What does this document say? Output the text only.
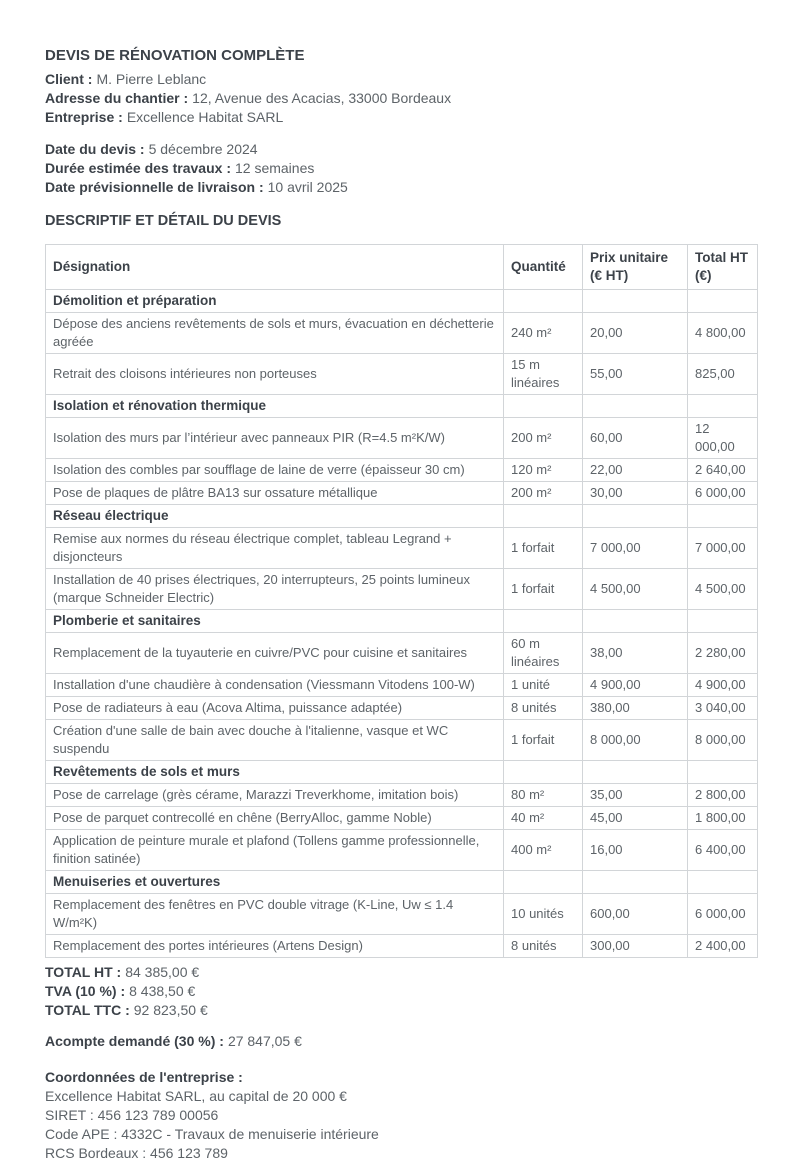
DEVIS DE RÉNOVATION COMPLÈTE
Client : M. Pierre Leblanc
Adresse du chantier : 12, Avenue des Acacias, 33000 Bordeaux
Entreprise : Excellence Habitat SARL
Date du devis : 5 décembre 2024
Durée estimée des travaux : 12 semaines
Date prévisionnelle de livraison : 10 avril 2025
DESCRIPTIF ET DÉTAIL DU DEVIS
Désignation	Quantité	Prix unitaire (€ HT)	Total HT (€)
Démolition et préparation			
Dépose des anciens revêtements de sols et murs, évacuation en déchetterie agréée	240 m²	20,00	4 800,00
Retrait des cloisons intérieures non porteuses	15 m linéaires	55,00	825,00
Isolation et rénovation thermique			
Isolation des murs par l’intérieur avec panneaux PIR (R=4.5 m²K/W)	200 m²	60,00	12 000,00
Isolation des combles par soufflage de laine de verre (épaisseur 30 cm)	120 m²	22,00	2 640,00
Pose de plaques de plâtre BA13 sur ossature métallique	200 m²	30,00	6 000,00
Réseau électrique			
Remise aux normes du réseau électrique complet, tableau Legrand + disjoncteurs	1 forfait	7 000,00	7 000,00
Installation de 40 prises électriques, 20 interrupteurs, 25 points lumineux (marque Schneider Electric)	1 forfait	4 500,00	4 500,00
Plomberie et sanitaires			
Remplacement de la tuyauterie en cuivre/PVC pour cuisine et sanitaires	60 m linéaires	38,00	2 280,00
Installation d'une chaudière à condensation (Viessmann Vitodens 100-W)	1 unité	4 900,00	4 900,00
Pose de radiateurs à eau (Acova Altima, puissance adaptée)	8 unités	380,00	3 040,00
Création d'une salle de bain avec douche à l'italienne, vasque et WC suspendu	1 forfait	8 000,00	8 000,00
Revêtements de sols et murs			
Pose de carrelage (grès cérame, Marazzi Treverkhome, imitation bois)	80 m²	35,00	2 800,00
Pose de parquet contrecollé en chêne (BerryAlloc, gamme Noble)	40 m²	45,00	1 800,00
Application de peinture murale et plafond (Tollens gamme professionnelle, finition satinée)	400 m²	16,00	6 400,00
Menuiseries et ouvertures			
Remplacement des fenêtres en PVC double vitrage (K-Line, Uw ≤ 1.4 W/m²K)	10 unités	600,00	6 000,00
Remplacement des portes intérieures (Artens Design)	8 unités	300,00	2 400,00
TOTAL HT : 84 385,00 €
TVA (10 %) : 8 438,50 €
TOTAL TTC : 92 823,50 €
Acompte demandé (30 %) : 27 847,05 €
Coordonnées de l'entreprise :
Excellence Habitat SARL, au capital de 20 000 €
SIRET : 456 123 789 00056
Code APE : 4332C - Travaux de menuiserie intérieure
RCS Bordeaux : 456 123 789
